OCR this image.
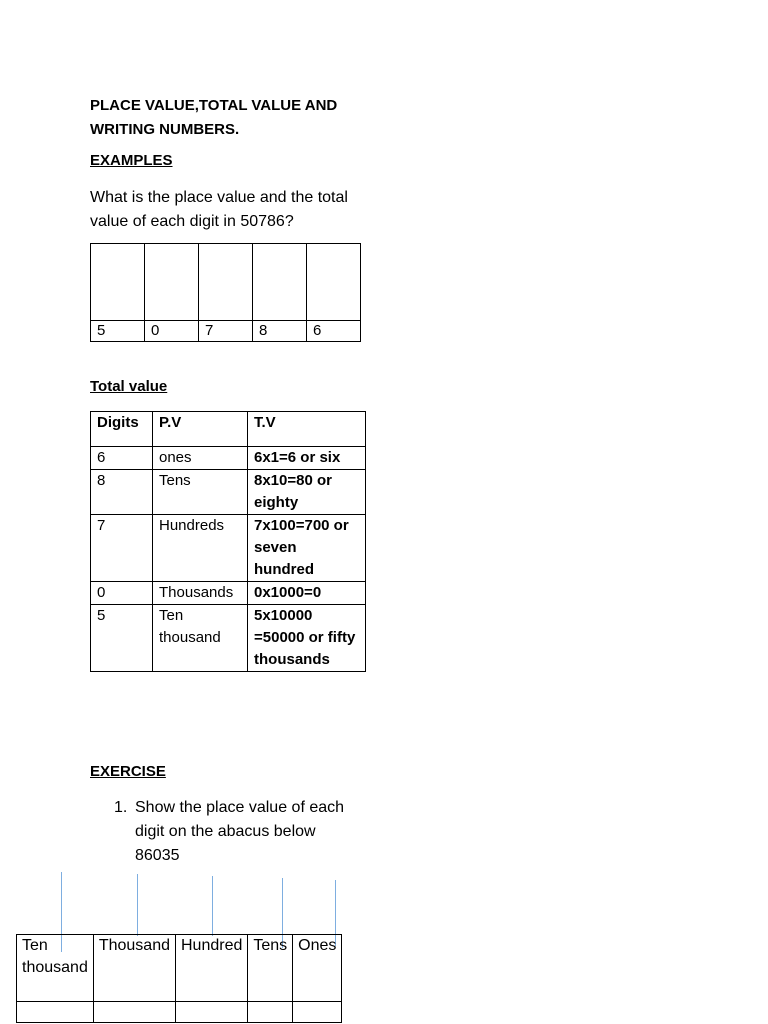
PLACE VALUE,TOTAL VALUE AND
WRITING NUMBERS.
EXAMPLES
What is the place value and the total value of each digit in 50786?

5	0	7	8	6
Total value
Digits	P.V	T.V
6	ones	6x1=6 or six
8	Tens	8x10=80 or eighty
7	Hundreds	7x100=700 or seven hundred
0	Thousands	0x1000=0
5	Ten thousand	5x10000 =50000 or fifty thousands
EXERCISE
1. Show the place value of each digit on the abacus below 86035
Ten thousand	Thousand	Hundred	Tens	Ones
